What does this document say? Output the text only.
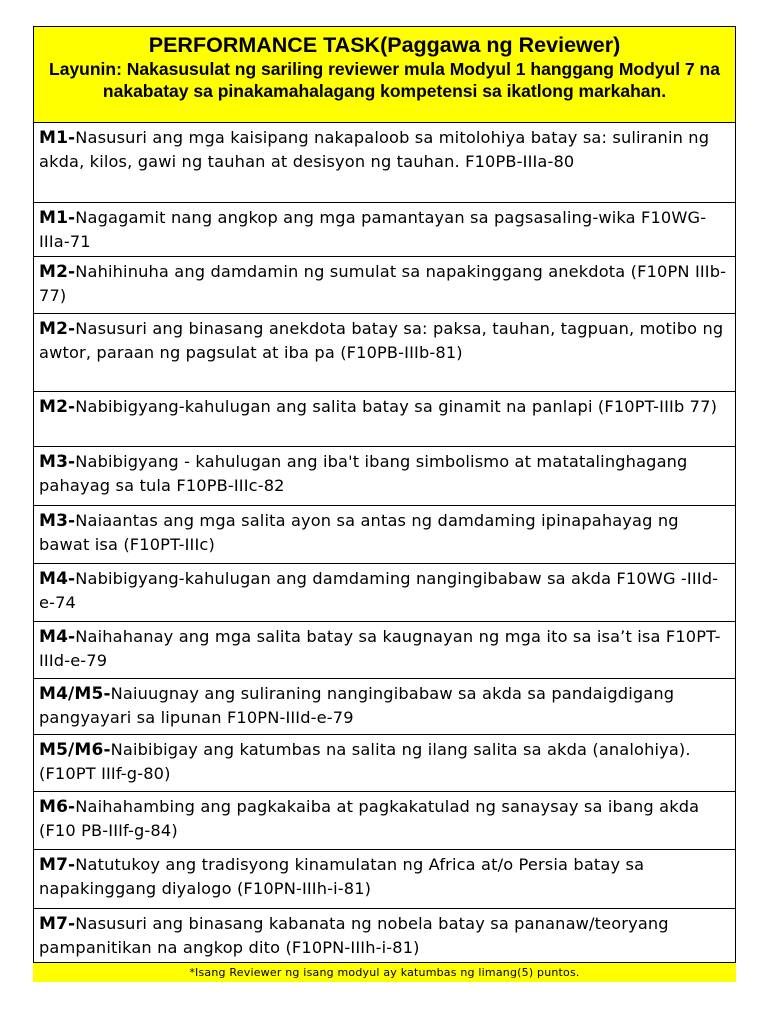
PERFORMANCE TASK(Paggawa ng Reviewer)

Layunin: Nakasusulat ng sariling reviewer mula Modyul 1 hanggang Modyul 7 na nakabatay sa pinakamahalagang kompetensi sa ikatlong markahan.

M1-Nasusuri ang mga kaisipang nakapaloob sa mitolohiya batay sa: suliranin ng akda, kilos, gawi ng tauhan at desisyon ng tauhan. F10PB-IIIa-80
M1-Nagagamit nang angkop ang mga pamantayan sa pagsasaling-wika F10WG-IIIa-71
M2-Nahihinuha ang damdamin ng sumulat sa napakinggang anekdota (F10PN IIIb-77)
M2-Nasusuri ang binasang anekdota batay sa: paksa, tauhan, tagpuan, motibo ng awtor, paraan ng pagsulat at iba pa (F10PB-IIIb-81)
M2-Nabibigyang-kahulugan ang salita batay sa ginamit na panlapi (F10PT-IIIb 77)
M3-Nabibigyang - kahulugan ang iba't ibang simbolismo at matatalinghagang pahayag sa tula F10PB-IIIc-82
M3-Naiaantas ang mga salita ayon sa antas ng damdaming ipinapahayag ng bawat isa (F10PT-IIIc)
M4-Nabibigyang-kahulugan ang damdaming nangingibabaw sa akda F10WG -IIId-e-74
M4-Naihahanay ang mga salita batay sa kaugnayan ng mga ito sa isa’t isa F10PT-IIId-e-79
M4/M5-Naiuugnay ang suliraning nangingibabaw sa akda sa pandaigdigang pangyayari sa lipunan F10PN-IIId-e-79
M5/M6-Naibibigay ang katumbas na salita ng ilang salita sa akda (analohiya). (F10PT IIIf-g-80)
M6-Naihahambing ang pagkakaiba at pagkakatulad ng sanaysay sa ibang akda (F10 PB-IIIf-g-84)
M7-Natutukoy ang tradisyong kinamulatan ng Africa at/o Persia batay sa napakinggang diyalogo (F10PN-IIIh-i-81)
M7-Nasusuri ang binasang kabanata ng nobela batay sa pananaw/teoryang pampanitikan na angkop dito (F10PN-IIIh-i-81)
*Isang Reviewer ng isang modyul ay katumbas ng limang(5) puntos.
